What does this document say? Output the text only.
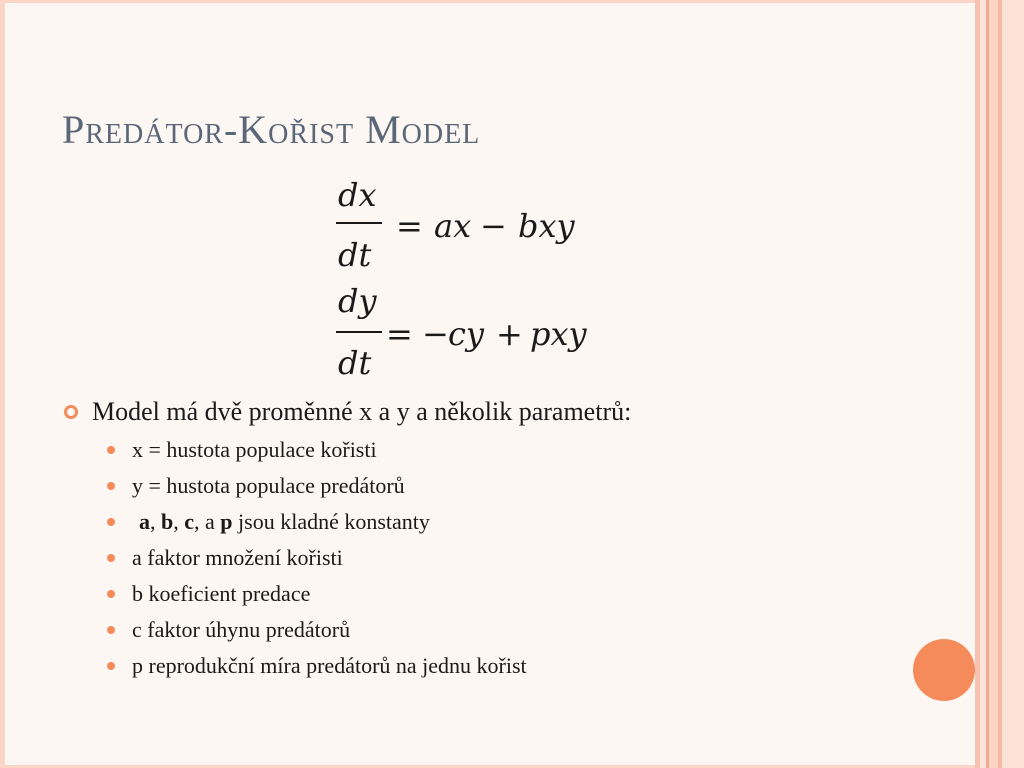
Predátor-Kořist Model
dx
dt
= ax − bxy
dy
dt
= − cy + pxy
Model má dvě proměnné x a y a několik parametrů:
x = hustota populace kořisti
y = hustota populace predátorů
a, b, c, a p jsou kladné konstanty
a faktor množení kořisti
b koeficient predace
c faktor úhynu predátorů
p reprodukční míra predátorů na jednu kořist
